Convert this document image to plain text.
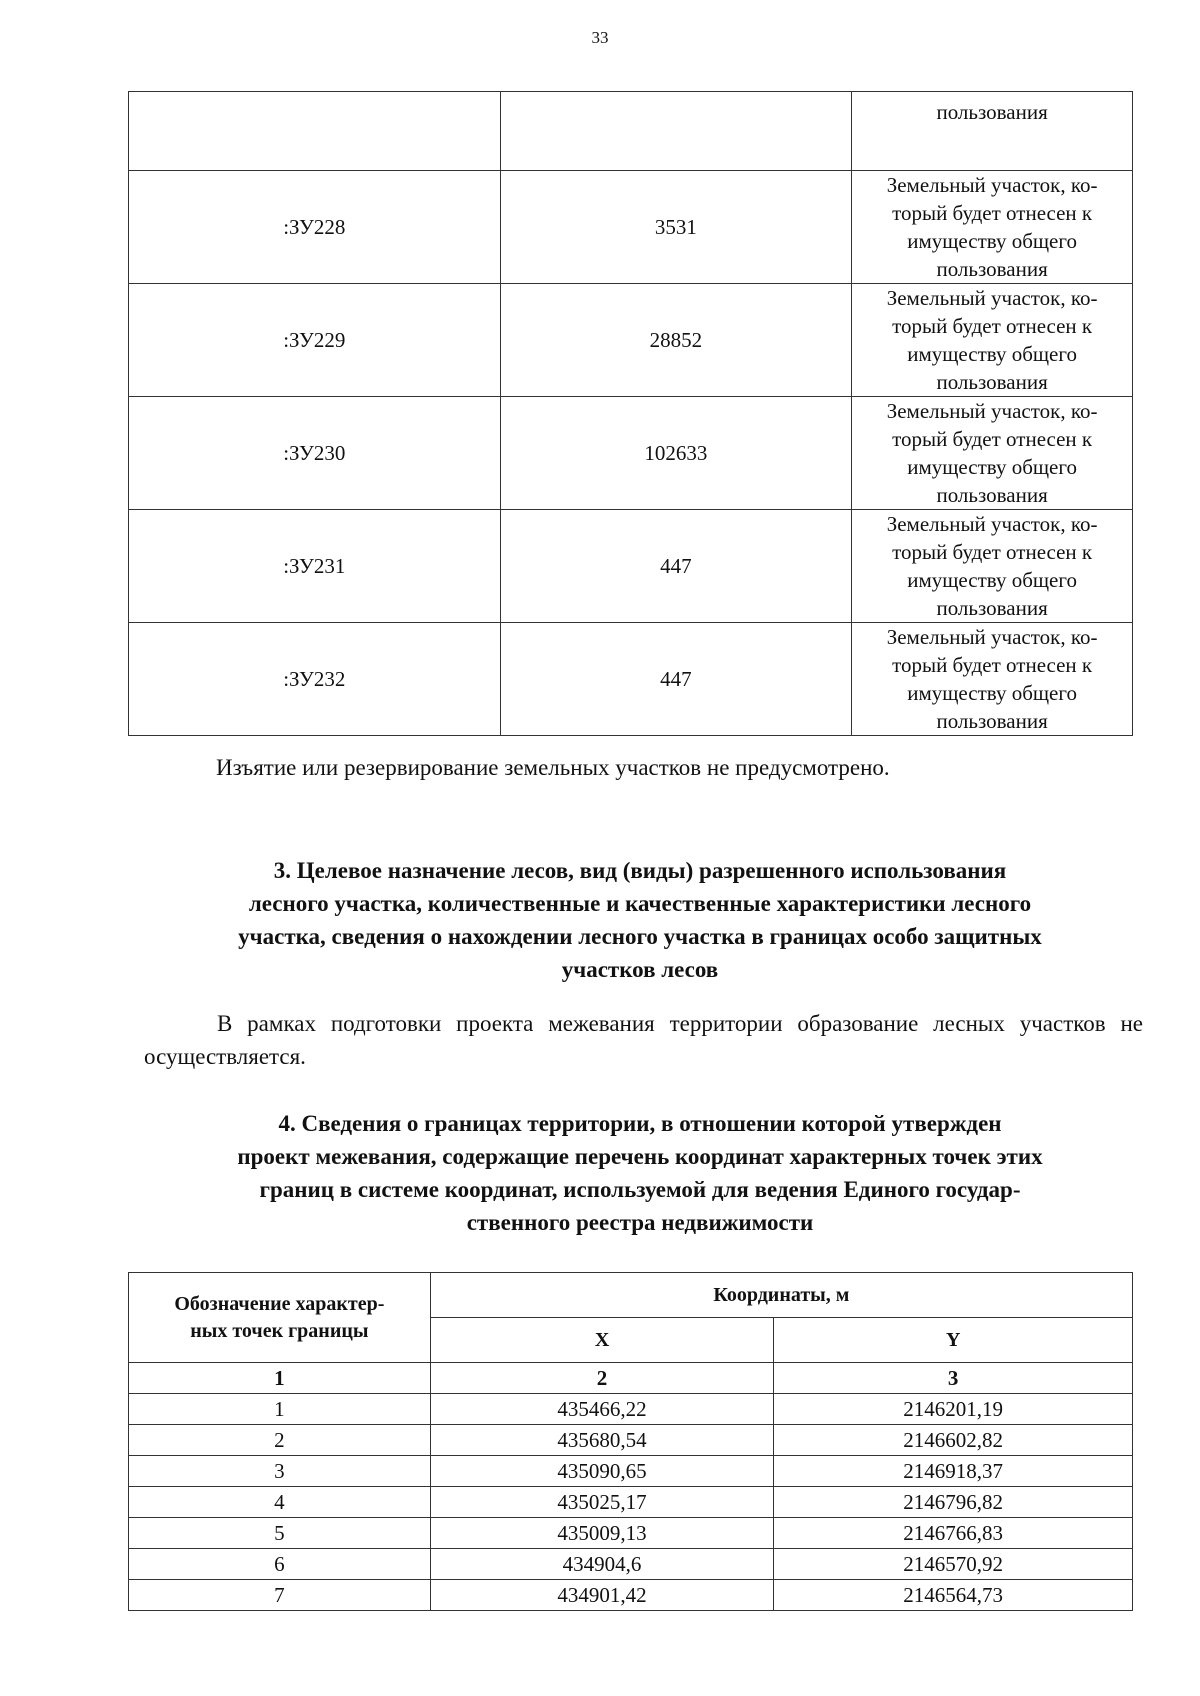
33
		пользования
:ЗУ228	3531	Земельный участок, ко-
торый будет отнесен к
имуществу общего
пользования

:ЗУ229	28852	Земельный участок, ко-
торый будет отнесен к
имуществу общего
пользования

:ЗУ230	102633	Земельный участок, ко-
торый будет отнесен к
имуществу общего
пользования

:ЗУ231	447	Земельный участок, ко-
торый будет отнесен к
имуществу общего
пользования

:ЗУ232	447	Земельный участок, ко-
торый будет отнесен к
имуществу общего
пользования
Изъятие или резервирование земельных участков не предусмотрено.
3. Целевое назначение лесов, вид (виды) разрешенного использования
лесного участка, количественные и качественные характеристики лесного
участка, сведения о нахождении лесного участка в границах особо защитных
участков лесов
В рамках подготовки проекта межевания территории образование лесных участков не осуществляется.
4. Сведения о границах территории, в отношении которой утвержден
проект межевания, содержащие перечень координат характерных точек этих
границ в системе координат, используемой для ведения Единого государ-
ственного реестра недвижимости
Обозначение характер-
ных точек границы	Координаты, м	
	X	Y
1	2	3
1	435466,22	2146201,19
2	435680,54	2146602,82
3	435090,65	2146918,37
4	435025,17	2146796,82
5	435009,13	2146766,83
6	434904,6	2146570,92
7	434901,42	2146564,73
